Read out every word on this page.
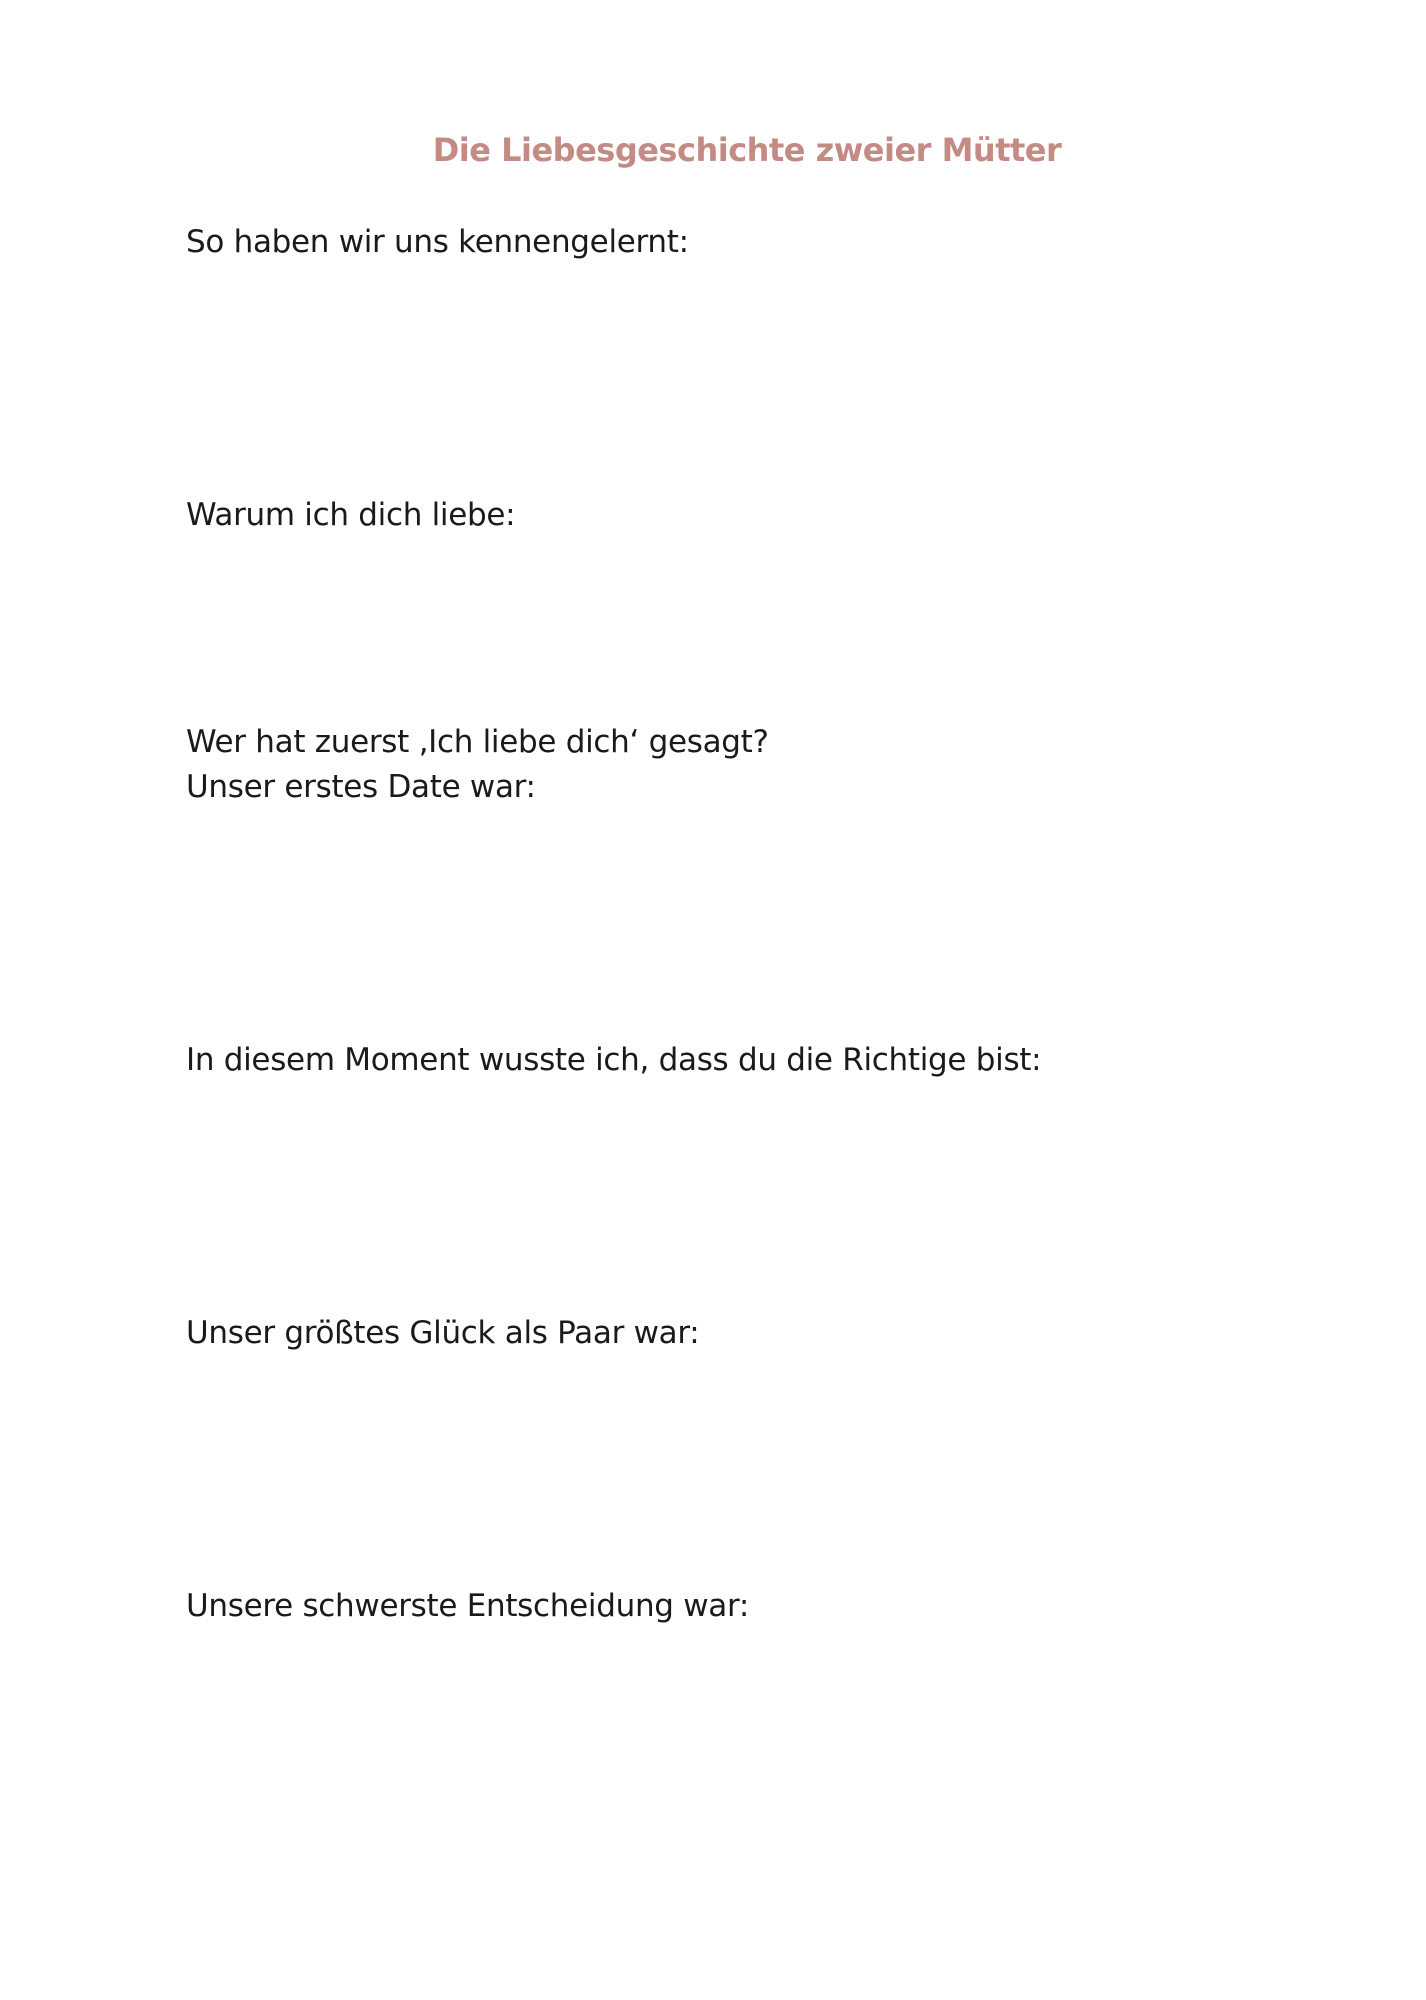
Die Liebesgeschichte zweier Mütter
So haben wir uns kennengelernt:
Warum ich dich liebe:
Wer hat zuerst ‚Ich liebe dich‘ gesagt?
Unser erstes Date war:
In diesem Moment wusste ich, dass du die Richtige bist:
Unser größtes Glück als Paar war:
Unsere schwerste Entscheidung war:
